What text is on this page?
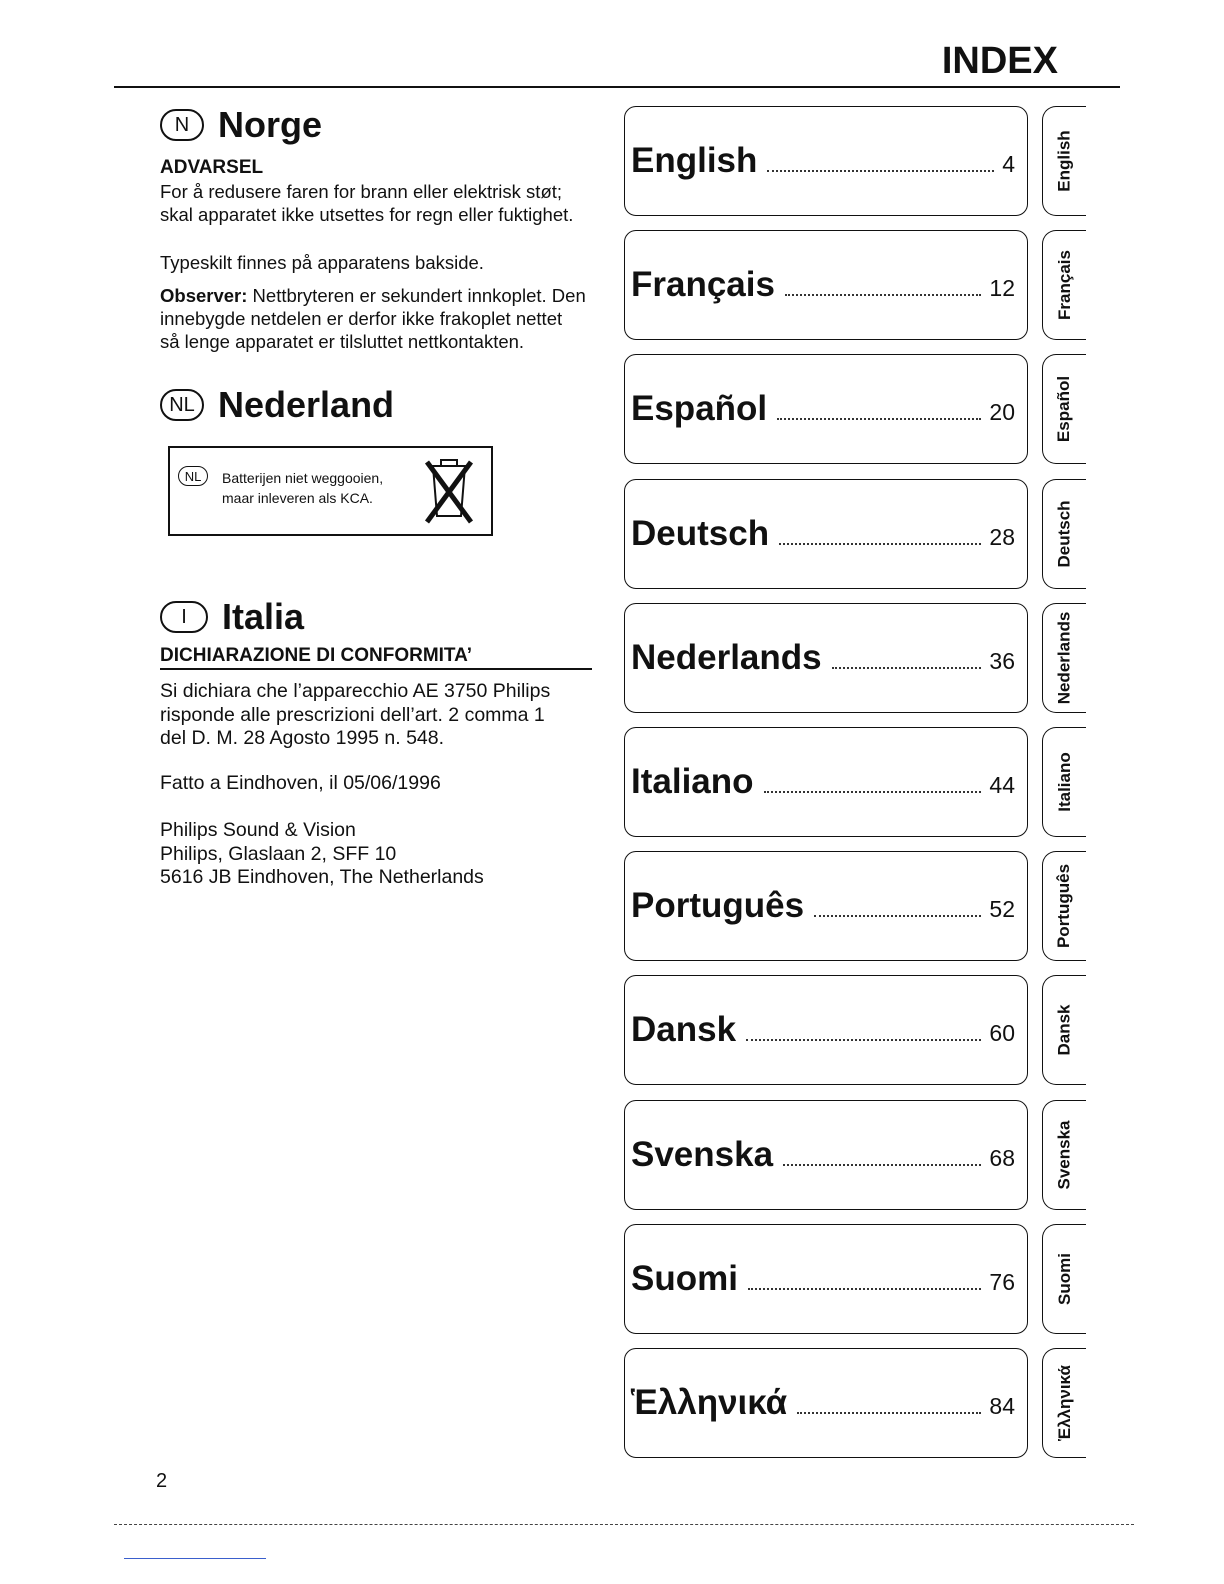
INDEX
N Norge
ADVARSEL
For å redusere faren for brann eller elektrisk støt;
skal apparatet ikke utsettes for regn eller fuktighet.
Typeskilt finnes på apparatens bakside.
Observer: Nettbryteren er sekundert innkoplet. Den
innebygde netdelen er derfor ikke frakoplet nettet
så lenge apparatet er tilsluttet nettkontakten.
NL Nederland
NL	Batterijen niet weggooien,
maar inleveren als KCA.
I Italia
DICHIARAZIONE DI CONFORMITA’
Si dichiara che l’apparecchio AE 3750 Philips
risponde alle prescrizioni dell’art. 2 comma 1
del D. M. 28 Agosto 1995 n. 548.
Fatto a Eindhoven, il 05/06/1996
Philips Sound & Vision
Philips, Glaslaan 2, SFF 10
5616 JB Eindhoven, The Netherlands
English	4 English
Français	12 Français
Español	20 Español
Deutsch	28 Deutsch
Nederlands	36 Nederlands
Italiano	44 Italiano
Português	52 Português
Dansk	60 Dansk
Svenska	68 Svenska
Suomi	76 Suomi
Ἑλληνικά	84 Ἑλληνικά
2
